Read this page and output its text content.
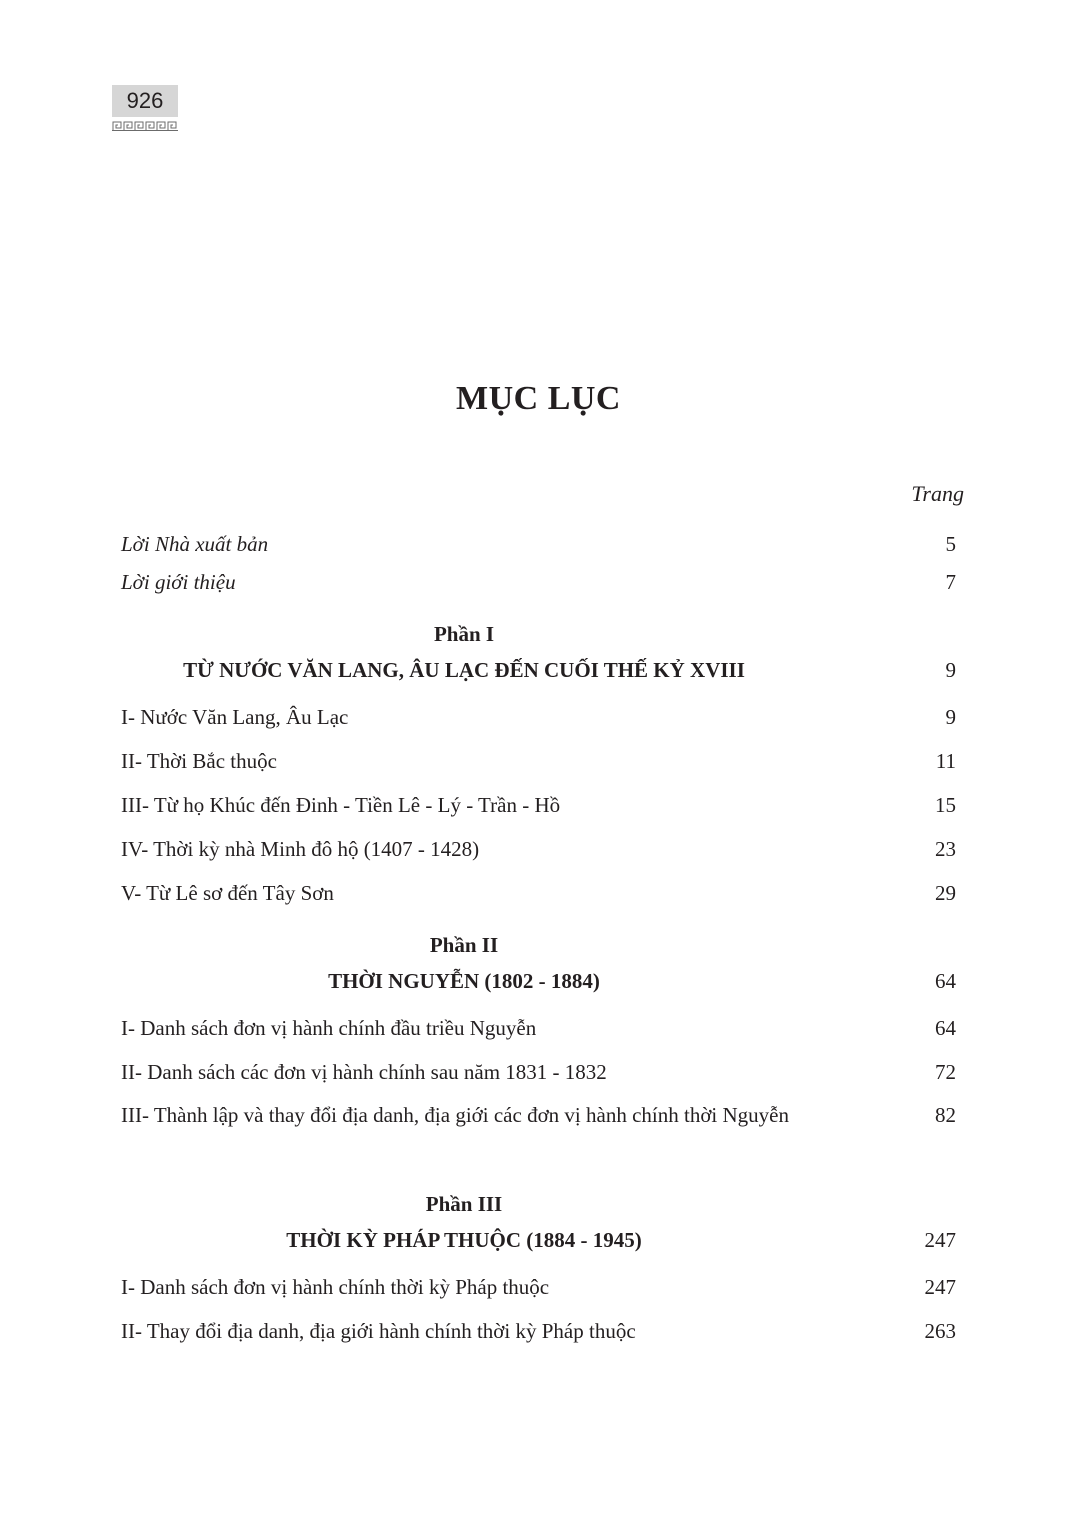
926
MỤC LỤC
Trang
Lời Nhà xuất bản	5
Lời giới thiệu	7
Phần I
TỪ NƯỚC VĂN LANG, ÂU LẠC ĐẾN CUỐI THẾ KỶ XVIII	9
I- Nước Văn Lang, Âu Lạc	9
II- Thời Bắc thuộc	11
III- Từ họ Khúc đến Đinh - Tiền Lê - Lý - Trần - Hồ	15
IV- Thời kỳ nhà Minh đô hộ (1407 - 1428)	23
V- Từ Lê sơ đến Tây Sơn	29
Phần II
THỜI NGUYỄN (1802 - 1884)	64
I- Danh sách đơn vị hành chính đầu triều Nguyễn	64
II- Danh sách các đơn vị hành chính sau năm 1831 - 1832	72
III- Thành lập và thay đổi địa danh, địa giới các đơn vị hành chính thời Nguyễn	82
Phần III
THỜI KỲ PHÁP THUỘC (1884 - 1945)	247
I- Danh sách đơn vị hành chính thời kỳ Pháp thuộc	247
II- Thay đổi địa danh, địa giới hành chính thời kỳ Pháp thuộc	263
